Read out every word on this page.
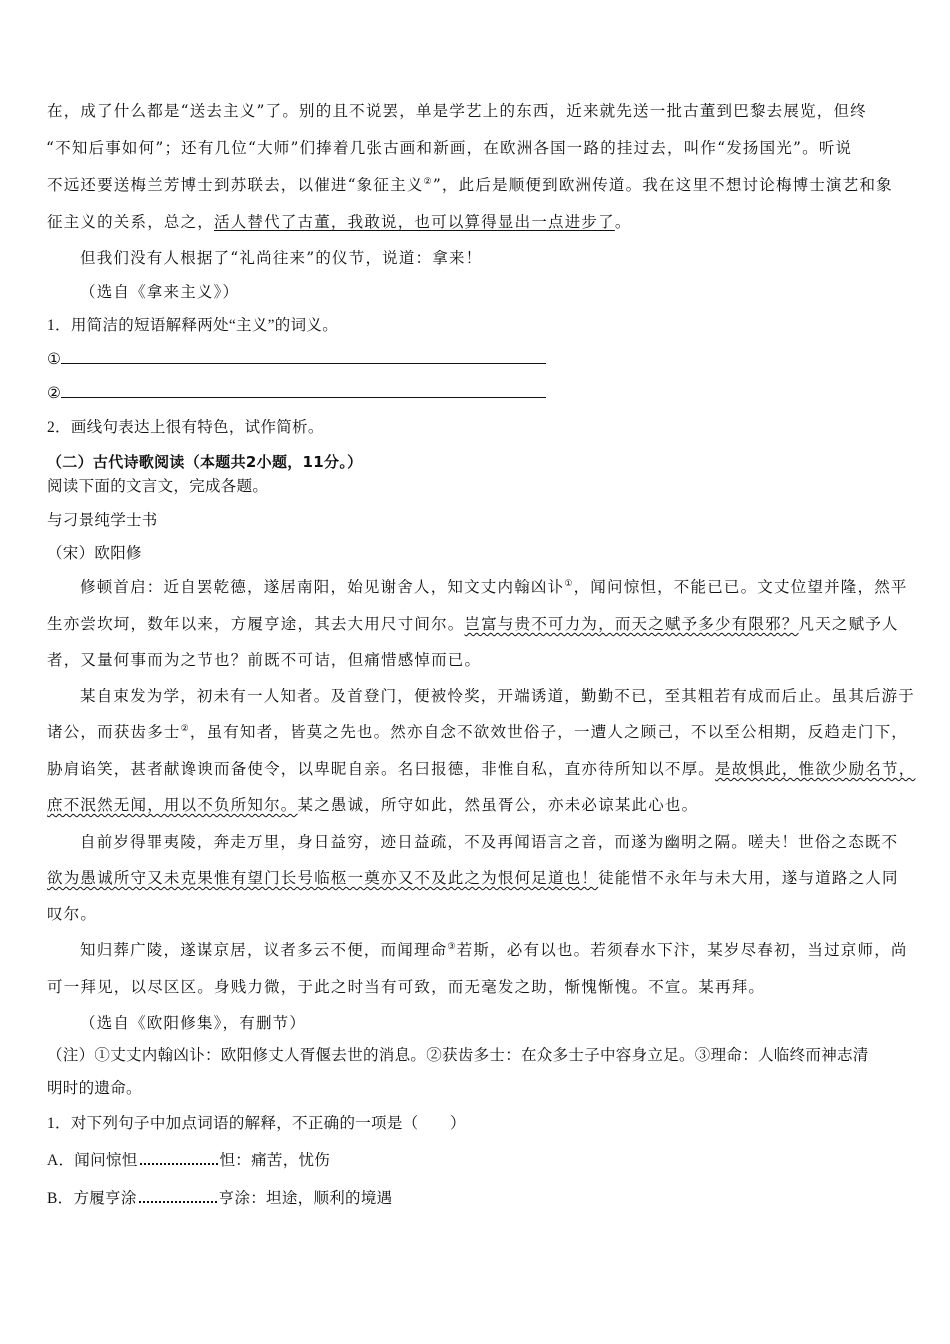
在，成了什么都是“送去主义”了。别的且不说罢，单是学艺上的东西，近来就先送一批古董到巴黎去展览，但终
“不知后事如何”；还有几位“大师”们捧着几张古画和新画，在欧洲各国一路的挂过去，叫作“发扬国光”。听说
不远还要送梅兰芳博士到苏联去，以催进“象征主义②”，此后是顺便到欧洲传道。我在这里不想讨论梅博士演艺和象
征主义的关系，总之，活人替代了古董，我敢说，也可以算得显出一点进步了。
但我们没有人根据了“礼尚往来”的仪节，说道：拿来！
（选自《拿来主义》）
1．用简洁的短语解释两处“主义”的词义。
①
②
2．画线句表达上很有特色，试作简析。
（二）古代诗歌阅读（本题共2小题，11分。）
阅读下面的文言文，完成各题。
与刁景纯学士书
（宋）欧阳修
修顿首启：近自罢乾德，遂居南阳，始见谢舍人，知文丈内翰凶讣①，闻问惊怛，不能已已。文丈位望并隆，然平
生亦尝坎坷，数年以来，方履亨途，其去大用尺寸间尔。岂富与贵不可力为，而天之赋予多少有限邪？凡天之赋予人
者，又量何事而为之节也？前既不可诘，但痛惜感悼而已。
某自束发为学，初未有一人知者。及首登门，便被怜奖，开端诱道，勤勤不已，至其粗若有成而后止。虽其后游于
诸公，而获齿多士②，虽有知者，皆莫之先也。然亦自念不欲效世俗子，一遭人之顾己，不以至公相期，反趋走门下，
胁肩谄笑，甚者献谗谀而备使令，以卑昵自亲。名曰报德，非惟自私，直亦待所知以不厚。是故惧此，惟欲少励名节，
庶不泯然无闻，用以不负所知尔。某之愚诚，所守如此，然虽胥公，亦未必谅某此心也。
自前岁得罪夷陵，奔走万里，身日益穷，迹日益疏，不及再闻语言之音，而遂为幽明之隔。嗟夫！世俗之态既不
欲为愚诚所守又未克果惟有望门长号临柩一奠亦又不及此之为恨何足道也！徒能惜不永年与未大用，遂与道路之人同
叹尔。
知归葬广陵，遂谋京居，议者多云不便，而闻理命③若斯，必有以也。若须春水下汴，某岁尽春初，当过京师，尚
可一拜见，以尽区区。身贱力微，于此之时当有可致，而无毫发之助，惭愧惭愧。不宣。某再拜。
（选自《欧阳修集》，有删节）
（注）①丈丈内翰凶讣：欧阳修丈人胥偃去世的消息。②获齿多士：在众多士子中容身立足。③理命：人临终而神志清
明时的遗命。
1．对下列句子中加点词语的解释，不正确的一项是（　　）
A．闻问惊怛	怛：痛苦，忧伤
B．方履亨涂	亨涂：坦途，顺利的境遇
